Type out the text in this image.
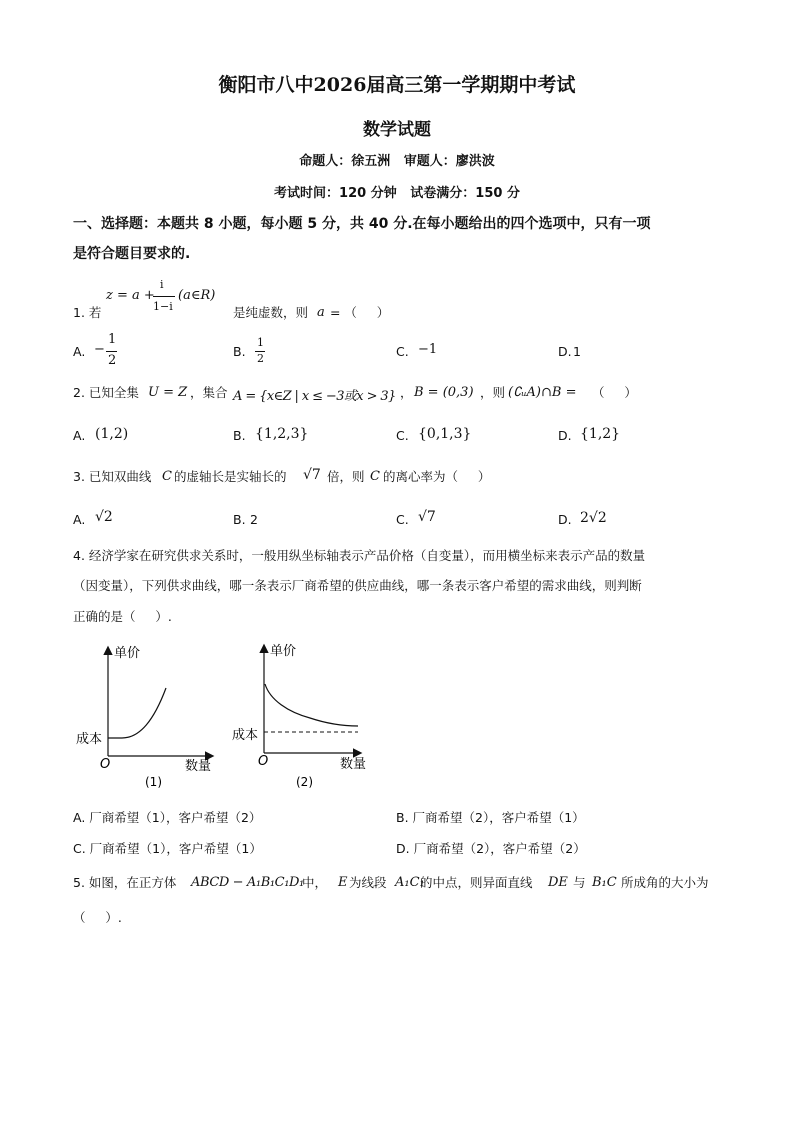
衡阳市八中2026届高三第一学期期中考试
数学试题
命题人：徐五洲   审题人：廖洪波
考试时间：120 分钟   试卷满分：150 分
一、选择题：本题共 8 小题，每小题 5 分，共 40 分.在每小题给出的四个选项中，只有一项
是符合题目要求的.
1. 若
z = a +
i
1−i
(a∈R)
是纯虚数，则 a = （     ）
A. −
1
2
B.
1
2	C. −1	D. 1
2. 已知全集 U = Z ，集合 A = {x∈Z | x ≤ −3或x > 3} ， B = (0,3) ，则 (∁ᵤA)∩B = （     ）
A. (1,2)	B. {1,2,3}	C. {0,1,3}	D. {1,2}
3. 已知双曲线 C 的虚轴长是实轴长的 √7 倍，则 C 的离心率为（     ）
A. √2	B. 2	C. √7	D. 2√2
4. 经济学家在研究供求关系时，一般用纵坐标轴表示产品价格（自变量），而用横坐标来表示产品的数量
（因变量），下列供求曲线，哪一条表示厂商希望的供应曲线，哪一条表示客户希望的需求曲线，则判断
正确的是（     ）.
单价
成本
O	数量
(1)
单价
成本
O	数量
(2)
A. 厂商希望（1），客户希望（2）	B. 厂商希望（2），客户希望（1）
C. 厂商希望（1），客户希望（1）	D. 厂商希望（2），客户希望（2）
5. 如图，在正方体 ABCD − A₁B₁C₁D₁
中， E 为线段 A₁C₁
的中点，则异面直线 DE 与 B₁C 所成角的大小为
（     ）.
